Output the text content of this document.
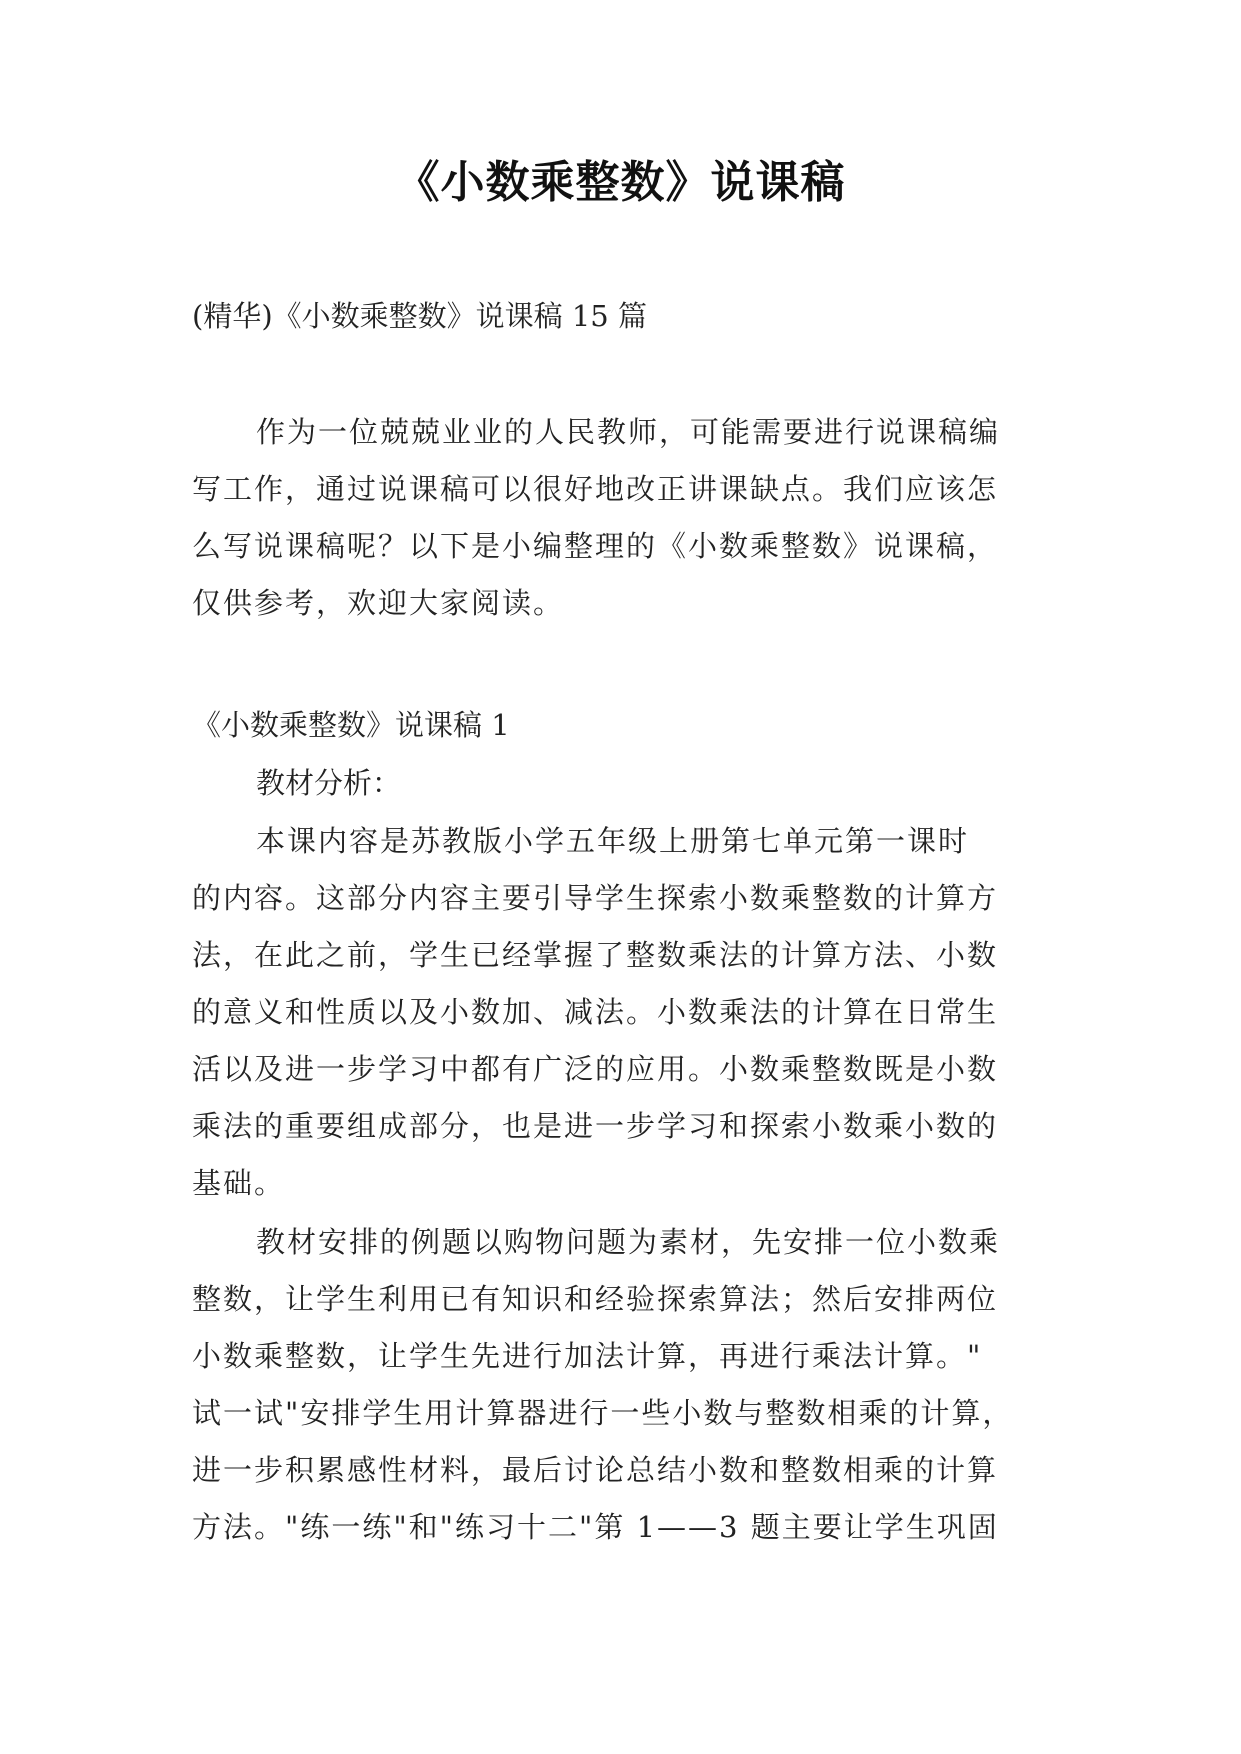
《小数乘整数》说课稿
(精华)《小数乘整数》说课稿 15 篇
作为一位兢兢业业的人民教师，可能需要进行说课稿编
写工作，通过说课稿可以很好地改正讲课缺点。我们应该怎
么写说课稿呢？以下是小编整理的《小数乘整数》说课稿，
仅供参考，欢迎大家阅读。
《小数乘整数》说课稿 1
教材分析：
本课内容是苏教版小学五年级上册第七单元第一课时
的内容。这部分内容主要引导学生探索小数乘整数的计算方
法，在此之前，学生已经掌握了整数乘法的计算方法、小数
的意义和性质以及小数加、减法。小数乘法的计算在日常生
活以及进一步学习中都有广泛的应用。小数乘整数既是小数
乘法的重要组成部分，也是进一步学习和探索小数乘小数的
基础。
教材安排的例题以购物问题为素材，先安排一位小数乘
整数，让学生利用已有知识和经验探索算法；然后安排两位
小数乘整数，让学生先进行加法计算，再进行乘法计算。"
试一试"安排学生用计算器进行一些小数与整数相乘的计算，
进一步积累感性材料，最后讨论总结小数和整数相乘的计算
方法。"练一练"和"练习十二"第 1——3 题主要让学生巩固
